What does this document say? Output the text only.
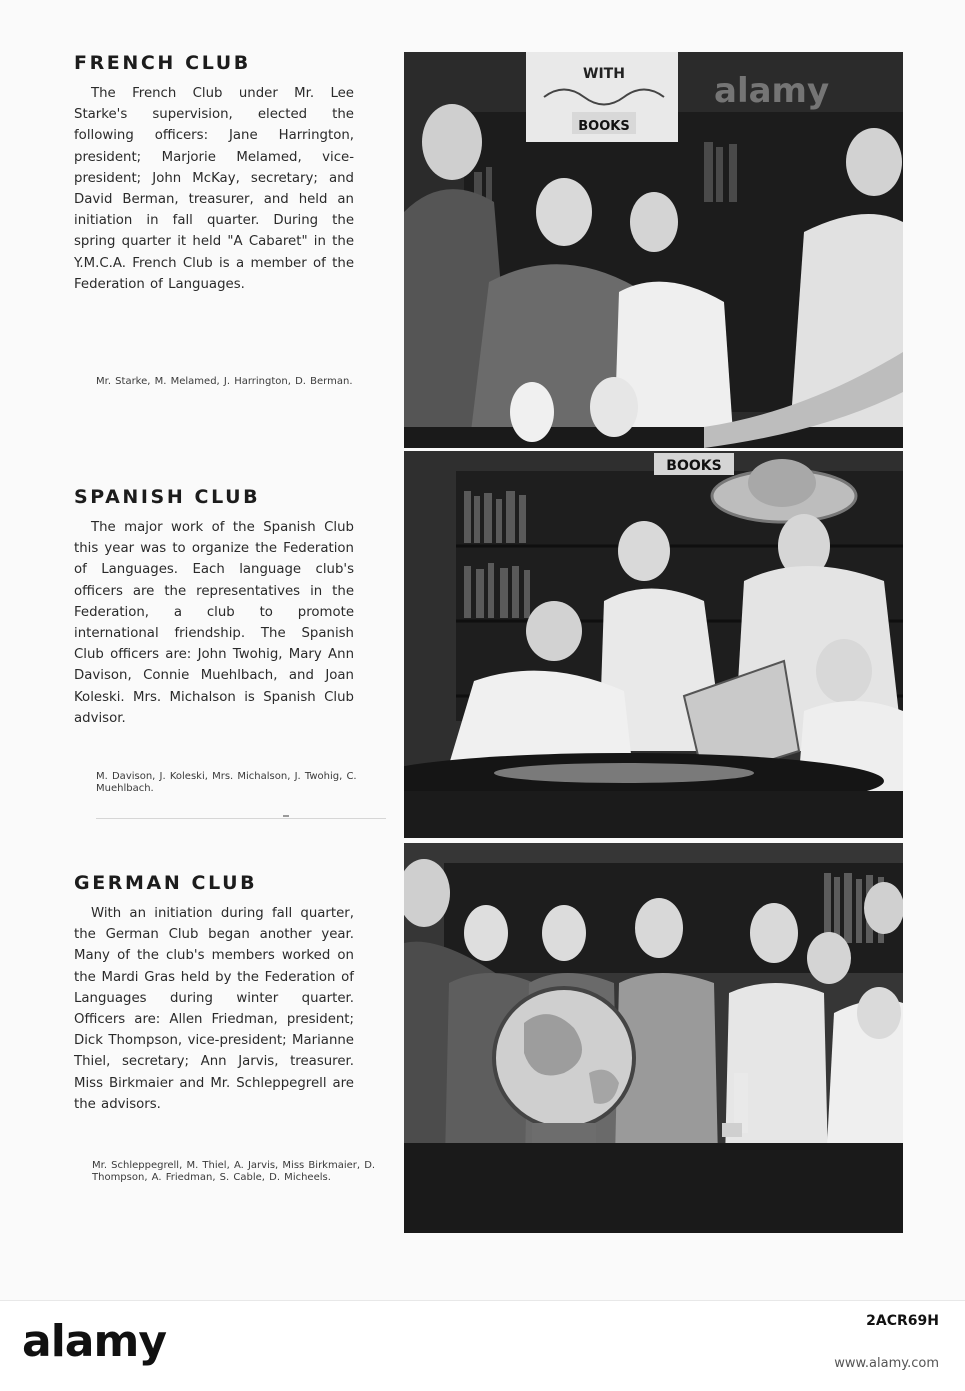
FRENCH CLUB

The French Club under Mr. Lee Starke's supervision, elected the following officers: Jane Harrington, president; Marjorie Melamed, vice-president; John McKay, secretary; and David Berman, treasurer, and held an initiation in fall quarter. During the spring quarter it held "A Cabaret" in the Y.M.C.A. French Club is a member of the Federation of Languages.

Mr. Starke, M. Melamed, J. Harrington, D. Berman.
WITH
BOOKS
alamy
SPANISH CLUB

The major work of the Spanish Club this year was to organize the Federation of Languages. Each language club's officers are the representatives in the Federation, a club to promote international friendship. The Spanish Club officers are: John Twohig, Mary Ann Davison, Connie Muehlbach, and Joan Koleski. Mrs. Michalson is Spanish Club advisor.

M. Davison, J. Koleski, Mrs. Michalson, J. Twohig, C. Muehlbach.
BOOKS
GERMAN CLUB

With an initiation during fall quarter, the German Club began another year. Many of the club's members worked on the Mardi Gras held by the Federation of Languages during winter quarter. Officers are: Allen Friedman, president; Dick Thompson, vice-president; Marianne Thiel, secretary; Ann Jarvis, treasurer. Miss Birkmaier and Mr. Schleppegrell are the advisors.

Mr. Schleppegrell, M. Thiel, A. Jarvis, Miss Birkmaier, D. Thompson, A. Friedman, S. Cable, D. Micheels.
alamy	2ACR69H
www.alamy.com
